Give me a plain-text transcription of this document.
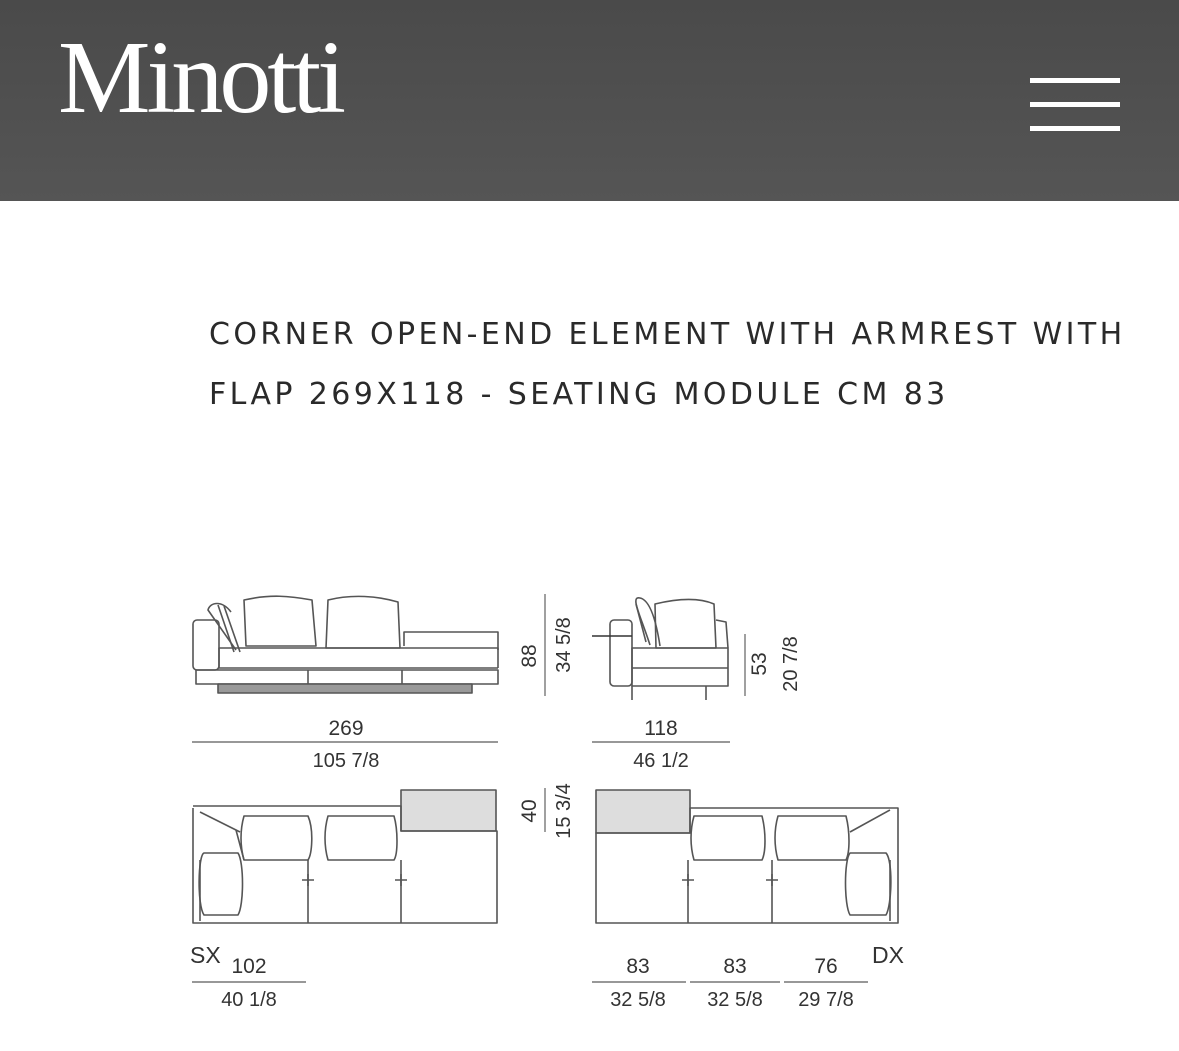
Minotti
CORNER OPEN-END ELEMENT WITH ARMREST WITH FLAP 269X118 - SEATING MODULE CM 83
88 34 5/8	53 20 7/8
269
105 7/8
118
46 1/2
40 15 3/4
SX	DX
102
40 1/8
83
32 5/8
83
32 5/8
76
29 7/8
